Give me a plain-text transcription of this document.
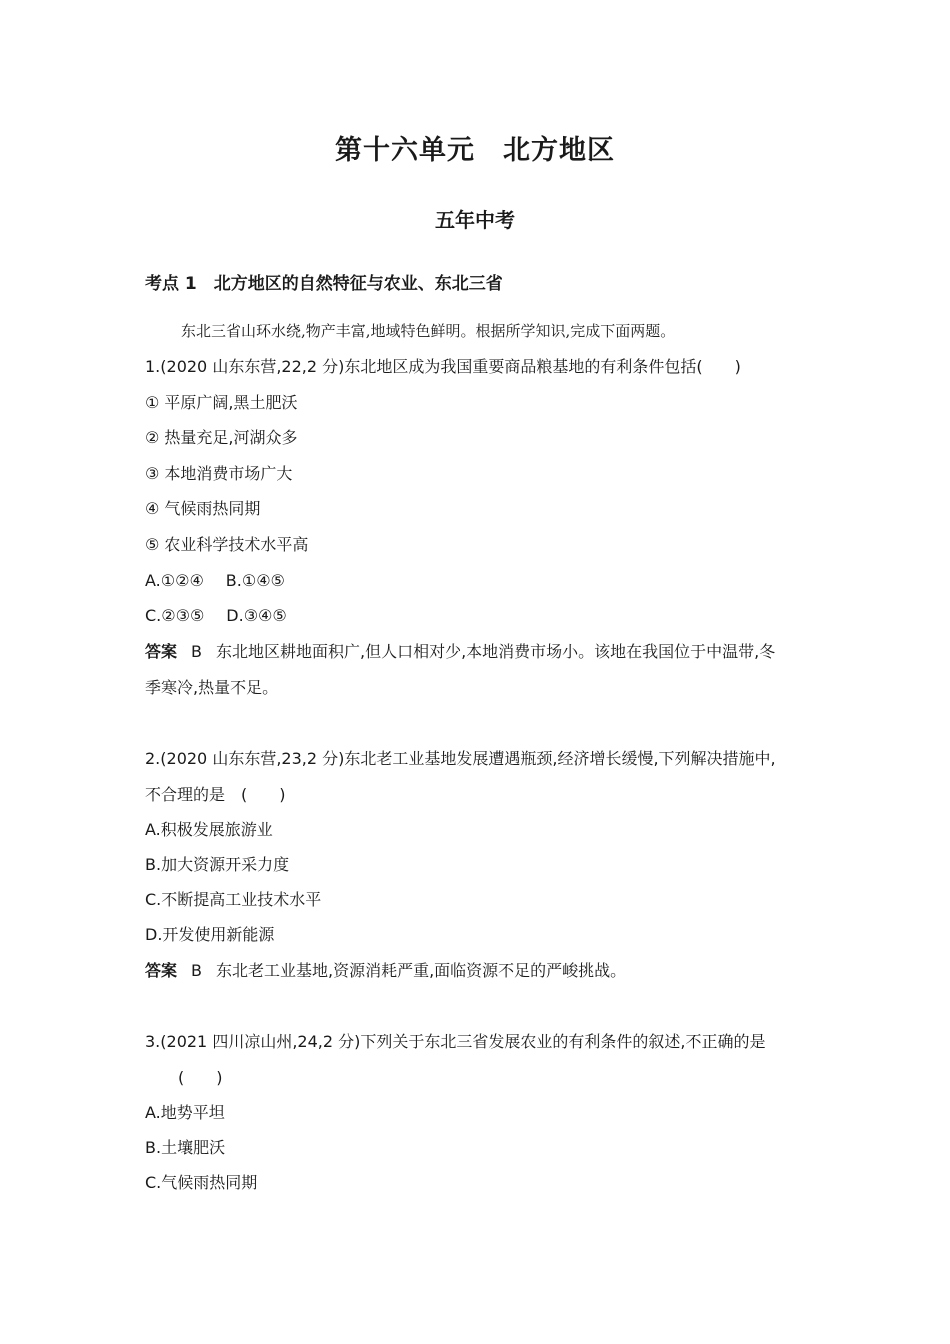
第十六单元　北方地区
五年中考
考点 1　北方地区的自然特征与农业、东北三省
东北三省山环水绕,物产丰富,地域特色鲜明。根据所学知识,完成下面两题。
1.(2020 山东东营,22,2 分)东北地区成为我国重要商品粮基地的有利条件包括(　　)
① 平原广阔,黑土肥沃
② 热量充足,河湖众多
③ 本地消费市场广大
④ 气候雨热同期
⑤ 农业科学技术水平高
A.①②④ B.①④⑤
C.②③⑤ D.③④⑤
答案 B 东北地区耕地面积广,但人口相对少,本地消费市场小。该地在我国位于中温带,冬
季寒冷,热量不足。
2.(2020 山东东营,23,2 分)东北老工业基地发展遭遇瓶颈,经济增长缓慢,下列解决措施中,
不合理的是　(　　)
A.积极发展旅游业
B.加大资源开采力度
C.不断提高工业技术水平
D.开发使用新能源
答案 B 东北老工业基地,资源消耗严重,面临资源不足的严峻挑战。
3.(2021 四川凉山州,24,2 分)下列关于东北三省发展农业的有利条件的叙述,不正确的是
(　　)
A.地势平坦
B.土壤肥沃
C.气候雨热同期
